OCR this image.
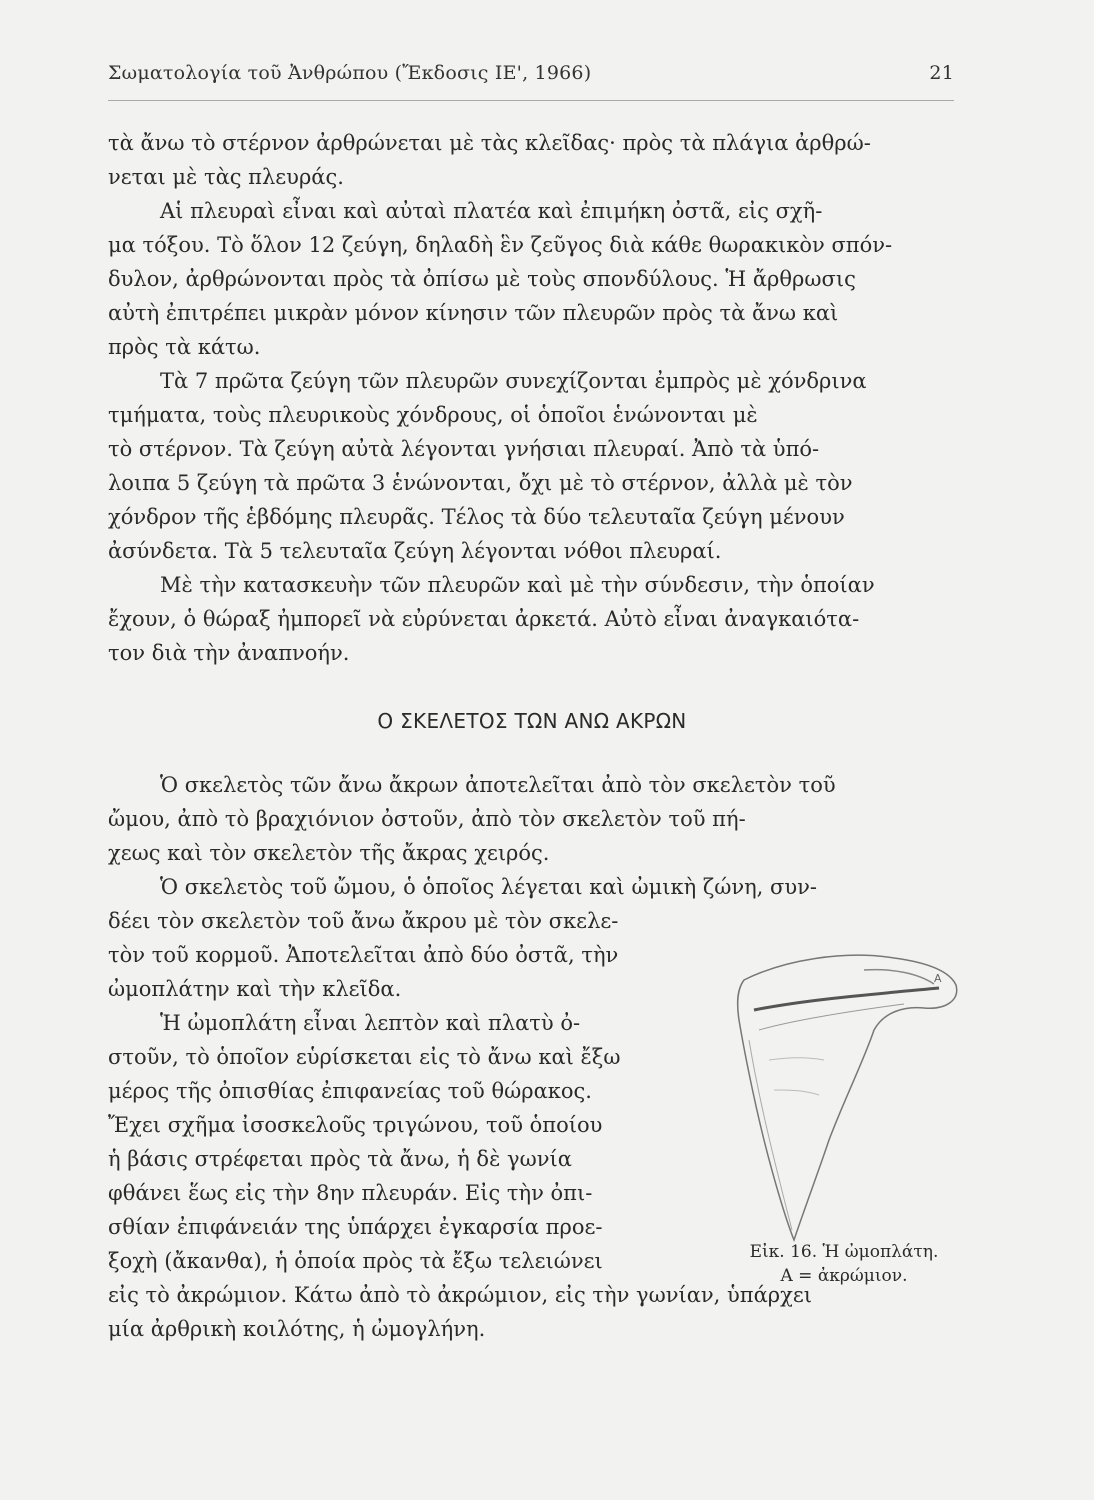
Σωματολογία τοῦ Ἀνθρώπου (Ἔκδοσις ΙΕ', 1966)	21

τὰ ἄνω τὸ στέρνον ἀρθρώνεται μὲ τὰς κλεῖδας· πρὸς τὰ πλάγια ἀρθρώ-
νεται μὲ τὰς πλευράς.

Αἱ πλευραὶ εἶναι καὶ αὐταὶ πλατέα καὶ ἐπιμήκη ὀστᾶ, εἰς σχῆ-
μα τόξου. Τὸ ὅλον 12 ζεύγη, δηλαδὴ ἓν ζεῦγος διὰ κάθε θωρακικὸν σπόν-
δυλον, ἀρθρώνονται πρὸς τὰ ὀπίσω μὲ τοὺς σπονδύλους. Ἡ ἄρθρωσις
αὐτὴ ἐπιτρέπει μικρὰν μόνον κίνησιν τῶν πλευρῶν πρὸς τὰ ἄνω καὶ
πρὸς τὰ κάτω.

Τὰ 7 πρῶτα ζεύγη τῶν πλευρῶν συνεχίζονται ἐμπρὸς μὲ χόνδρινα
τμήματα, τοὺς πλευρικοὺς χόνδρους, οἱ ὁποῖοι ἑνώνονται μὲ
τὸ στέρνον. Τὰ ζεύγη αὐτὰ λέγονται γνήσιαι πλευραί. Ἀπὸ τὰ ὑπό-
λοιπα 5 ζεύγη τὰ πρῶτα 3 ἑνώνονται, ὄχι μὲ τὸ στέρνον, ἀλλὰ μὲ τὸν
χόνδρον τῆς ἑβδόμης πλευρᾶς. Τέλος τὰ δύο τελευταῖα ζεύγη μένουν
ἀσύνδετα. Τὰ 5 τελευταῖα ζεύγη λέγονται νόθοι πλευραί.

Μὲ τὴν κατασκευὴν τῶν πλευρῶν καὶ μὲ τὴν σύνδεσιν, τὴν ὁποίαν
ἔχουν, ὁ θώραξ ἠμπορεῖ νὰ εὐρύνεται ἀρκετά. Αὐτὸ εἶναι ἀναγκαιότα-
τον διὰ τὴν ἀναπνοήν.

Ο ΣΚΕΛΕΤΟΣ ΤΩΝ ΑΝΩ ΑΚΡΩΝ

Ὁ σκελετὸς τῶν ἄνω ἄκρων ἀποτελεῖται ἀπὸ τὸν σκελετὸν τοῦ
ὤμου, ἀπὸ τὸ βραχιόνιον ὀστοῦν, ἀπὸ τὸν σκελετὸν τοῦ πή-
χεως καὶ τὸν σκελετὸν τῆς ἄκρας χειρός.

Ὁ σκελετὸς τοῦ ὤμου, ὁ ὁποῖος λέγεται καὶ ὠμικὴ ζώνη, συν-
δέει τὸν σκελετὸν τοῦ ἄνω ἄκρου μὲ τὸν σκελε-
τὸν τοῦ κορμοῦ. Ἀποτελεῖται ἀπὸ δύο ὀστᾶ, τὴν
ὠμοπλάτην καὶ τὴν κλεῖδα.

Ἡ ὠμοπλάτη εἶναι λεπτὸν καὶ πλατὺ ὀ-
στοῦν, τὸ ὁποῖον εὑρίσκεται εἰς τὸ ἄνω καὶ ἔξω
μέρος τῆς ὀπισθίας ἐπιφανείας τοῦ θώρακος.
Ἔχει σχῆμα ἰσοσκελοῦς τριγώνου, τοῦ ὁποίου
ἡ βάσις στρέφεται πρὸς τὰ ἄνω, ἡ δὲ γωνία
φθάνει ἕως εἰς τὴν 8ην πλευράν. Εἰς τὴν ὀπι-
σθίαν ἐπιφάνειάν της ὑπάρχει ἐγκαρσία προε-
ξοχὴ (ἄκανθα), ἡ ὁποία πρὸς τὰ ἔξω τελειώνει
εἰς τὸ ἀκρώμιον. Κάτω ἀπὸ τὸ ἀκρώμιον, εἰς τὴν γωνίαν, ὑπάρχει
μία ἀρθρικὴ κοιλότης, ἡ ὠμογλήνη.

Α
Εἰκ. 16. Ἡ ὠμοπλάτη.
Α = ἀκρώμιον.
